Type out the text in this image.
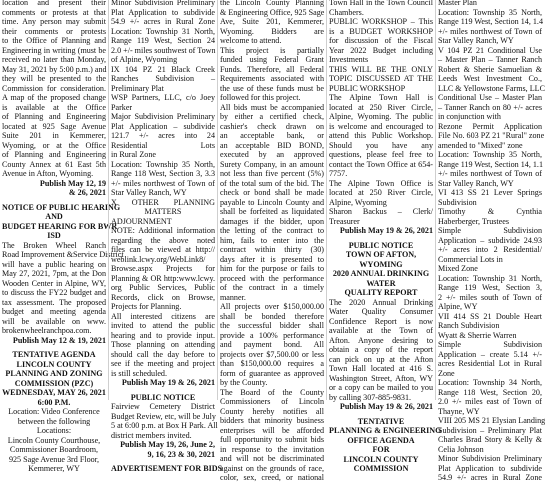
location and present their
comments or protests at that
time. Any person may submit
their comments or protests
to the Office of Planning and
Engineering in writing (must be
received no later than Monday,
May 31, 2021 by 5:00 p.m.) and
they will be presented to the
Commission for consideration.
A map of the proposed change
is available at the Office
of Planning and Engineering
located at 925 Sage Avenue
Suite 201 in Kemmerer,
Wyoming, or at the Office
of Planning and Engineering
County Annex at 61 East 5th
Avenue in Afton, Wyoming.
Publish May 12, 19
& 26, 2021
NOTICE OF PUBLIC HEARING
AND
BUDGET HEARING FOR BWR
ISD
The Broken Wheel Ranch
Road Improvement &Service District
will have a public hearing on
May 27, 2021, 7pm, at the Don
Wooden Center in Alpine, WY,
to discuss the FY22 budget and
tax assessment. The proposed
budget and meeting agenda
will be available on www.
brokenwheelranchpoa.com.
Publish May 12 & 19, 2021
TENTATIVE AGENDA
LINCOLN COUNTY
PLANNING AND ZONING
COMMISSION (PZC)
WEDNESDAY, MAY 26, 2021
6:00 P.M.
Location: Video Conference
between the following
Locations:
Lincoln County Courthouse,
Commissioner Boardroom,
925 Sage Avenue 3rd Floor,
Kemmerer, WY
Minor Subdivision Preliminary
Plat Application to subdivide
54.9 +/- acres in Rural Zone
Location: Township 31 North,
Range 119 West, Section 24
2.0 +/- miles southwest of Town
of Alpine, Wyoming
IX 104 PZ 21 Black Creek
Ranches Subdivision –
Preliminary Plat
WSP Partners, LLC, c/o Joey
Parker
Major Subdivision Preliminary
Plat Application – subdivide
121.7 +/- acres into 24
Residential Lots
in Rural Zone
Location: Township 35 North,
Range 118 West, Section 3, 3.3
+/- miles northwest of Town of
Star Valley Ranch, WY
X OTHER PLANNING
MATTERS
ADJOURNMENT
NOTE: Additional information
regarding the above noted
files can be viewed at http://
weblink.lcwy.org/WebLink8/
Browse.aspx Projects for
Planning & OR http:www.lcwy.
org Public Services, Public
Records, click on Browse,
Projects for Planning.
All interested citizens are
invited to attend the public
hearing and to provide input.
Those planning on attending
should call the day before to
see if the meeting and project
is still scheduled.
Publish May 19 & 26, 2021
PUBLIC NOTICE
Fairview Cemetery District
Budget Review, etc, will be July
5 at 6:00 p.m. at Box H Park. All
district members invited.
Publish May 19, 26, June 2,
9, 16, 23 & 30, 2021
ADVERTISEMENT FOR BIDS
the Lincoln County Planning
& Engineering Office, 925 Sage
Ave, Suite 201, Kemmerer,
Wyoming. Bidders are
welcome to attend.
This project is partially
funded using Federal Grant
Funds. Therefore, all Federal
Requirements associated with
the use of these funds must be
followed for this project.
All bids must be accompanied
by either a certified check,
cashier's check drawn on
an acceptable bank, or
an acceptable BID BOND,
executed by an approved
Surety Company, in an amount
not less than five percent (5%)
of the total sum of the bid. The
check or bond shall be made
payable to Lincoln County and
shall be forfeited as liquidated
damages if the bidder, upon
the letting of the contract to
him, fails to enter into the
contract within thirty (30)
days after it is presented to
him for the purpose or fails to
proceed with the performance
of the contract in a timely
manner.
All projects over $150,000.00
shall be bonded therefore
the successful bidder shall
provide a 100% performance
and payment bond. All
projects over $7,500.00 or less
than $150,000.00 requires a
form of guarantee as approved
by the County.
The Board of the County
Commissioners of Lincoln
County hereby notifies all
bidders that minority business
enterprises will be afforded
full opportunity to submit bids
in response to the invitation
and will not be discriminated
against on the grounds of race,
color, sex, creed, or national
Town Hall in the Town Council
Chambers.
PUBLIC WORKSHOP – This
is a BUDGET WORKSHOP
for discussion of the Fiscal
Year 2022 Budget including
Investments
THIS WILL BE THE ONLY
TOPIC DISCUSSED AT THE
PUBLIC WORKSHOP
The Alpine Town Hall is
located at 250 River Circle,
Alpine, Wyoming. The public
is welcome and encouraged to
attend this Public Workshop.
Should you have any
questions, please feel free to
contact the Town Office at 654-
7757.
The Alpine Town Office is
located at 250 River Circle,
Alpine, Wyoming
Sharon Backus – Clerk/
Treasurer
Publish May 19 & 26, 2021
PUBLIC NOTICE
TOWN OF AFTON,
WYOMING
2020 ANNUAL DRINKING
WATER
QUALITY REPORT
The 2020 Annual Drinking
Water Quality Consumer
Confidence Report is now
available at the Town of
Afton. Anyone desiring to
obtain a copy of the report
can pick on up at the Afton
Town Hall located at 416 S.
Washington Street, Afton, WY
or a copy can be mailed to you
by calling 307-885-9831.
Publish May 19 & 26, 2021
TENTATIVE
PLANNING & ENGINEERING
OFFICE AGENDA
FOR
LINCOLN COUNTY
COMMISSION
Master Plan
Location: Township 35 North,
Range 119 West, Section 14, 1.4
+/- miles northwest of Town of
Star Valley Ranch, WY
V 104 PZ 21 Conditional Use
– Master Plan – Tanner Ranch
Robert & Sherie Samuelian &
Leeds West Investment Co.,
LLC & Yellowstone Farms, LLC
Conditional Use – Master Plan
– Tanner Ranch on 80 +/- acres
in conjunction with
Rezone Permit Application
File No. 603 PZ 21 "Rural" zone
amended to "Mixed" zone
Location: Township 35 North,
Range 119 West, Section 14, 1.1
+/- miles northwest of Town of
Star Valley Ranch, WY
VI 413 SS 21 Lever Springs
Subdivision
Timothy & Cynthia
Haberberger, Trustees
Simple Subdivision
Application – subdivide 24.93
+/- acres into 2 Residential/
Commercial Lots in
Mixed Zone
Location: Township 31 North,
Range 119 West, Section 3,
2 +/- miles south of Town of
Alpine, WY
VII 414 SS 21 Double Heart
Ranch Subdivision
Wyatt & Sherrie Warren
Simple Subdivision
Application – create 5.14 +/-
acres Residential Lot in Rural
Zone
Location: Township 34 North,
Range 118 West, Section 20,
2.0 +/- miles east of Town of
Thayne, WY
VIII 205 MS 21 Elysian Landing
Subdivision – Preliminary Plat
Charles Brad Story & Kelly &
Celia Johnson
Minor Subdivision Preliminary
Plat Application to subdivide
54.9 +/- acres in Rural Zone
